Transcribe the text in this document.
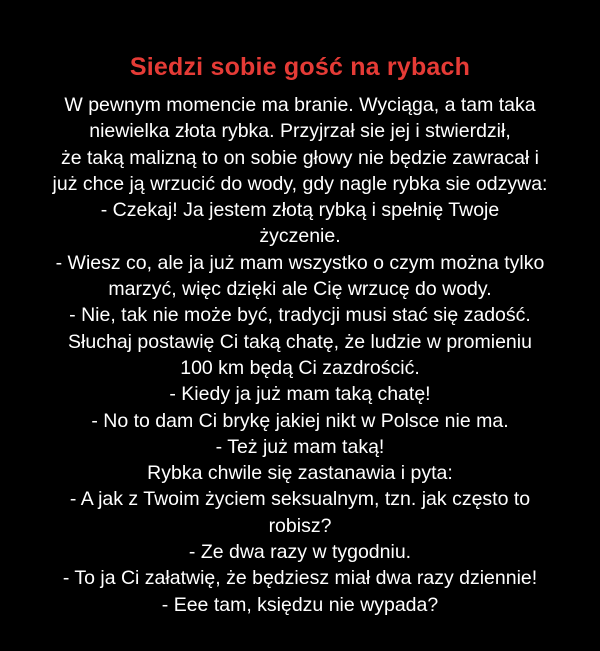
Siedzi sobie gość na rybach
W pewnym momencie ma branie. Wyciąga, a tam taka
niewielka złota rybka. Przyjrzał sie jej i stwierdził,
że taką malizną to on sobie głowy nie będzie zawracał i
już chce ją wrzucić do wody, gdy nagle rybka sie odzywa:
- Czekaj! Ja jestem złotą rybką i spełnię Twoje
życzenie.
- Wiesz co, ale ja już mam wszystko o czym można tylko
marzyć, więc dzięki ale Cię wrzucę do wody.
- Nie, tak nie może być, tradycji musi stać się zadość.
Słuchaj postawię Ci taką chatę, że ludzie w promieniu
100 km będą Ci zazdrościć.
- Kiedy ja już mam taką chatę!
- No to dam Ci brykę jakiej nikt w Polsce nie ma.
- Też już mam taką!
Rybka chwile się zastanawia i pyta:
- A jak z Twoim życiem seksualnym, tzn. jak często to
robisz?
- Ze dwa razy w tygodniu.
- To ja Ci załatwię, że będziesz miał dwa razy dziennie!
- Eee tam, księdzu nie wypada?
